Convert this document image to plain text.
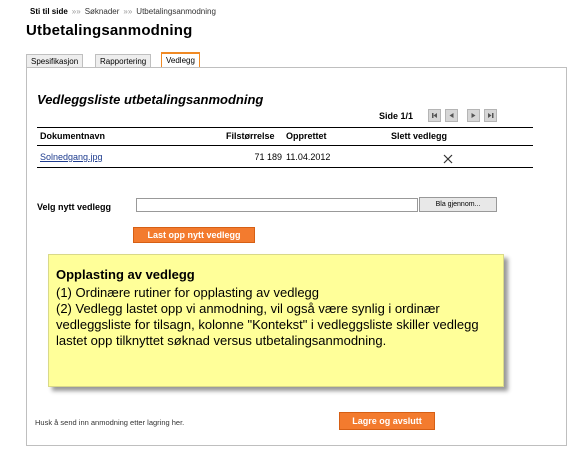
Sti til side »» Søknader »» Utbetalingsanmodning
Utbetalingsanmodning
Spesifikasjon	Rapportering	Vedlegg
Vedleggsliste utbetalingsanmodning
Side 1/1
Dokumentnavn	Filstørrelse Opprettet	Slett vedlegg
Solnedgang.jpg	71 189 11.04.2012
Velg nytt vedlegg	Bla gjennom...
Last opp nytt vedlegg
Opplasting av vedlegg
(1) Ordinære rutiner for opplasting av vedlegg
(2) Vedlegg lastet opp vi anmodning, vil også være synlig i ordinær vedleggsliste for tilsagn, kolonne "Kontekst" i vedleggsliste skiller vedlegg lastet opp tilknyttet søknad versus utbetalingsanmodning.
Husk å send inn anmodning etter lagring her.	Lagre og avslutt
